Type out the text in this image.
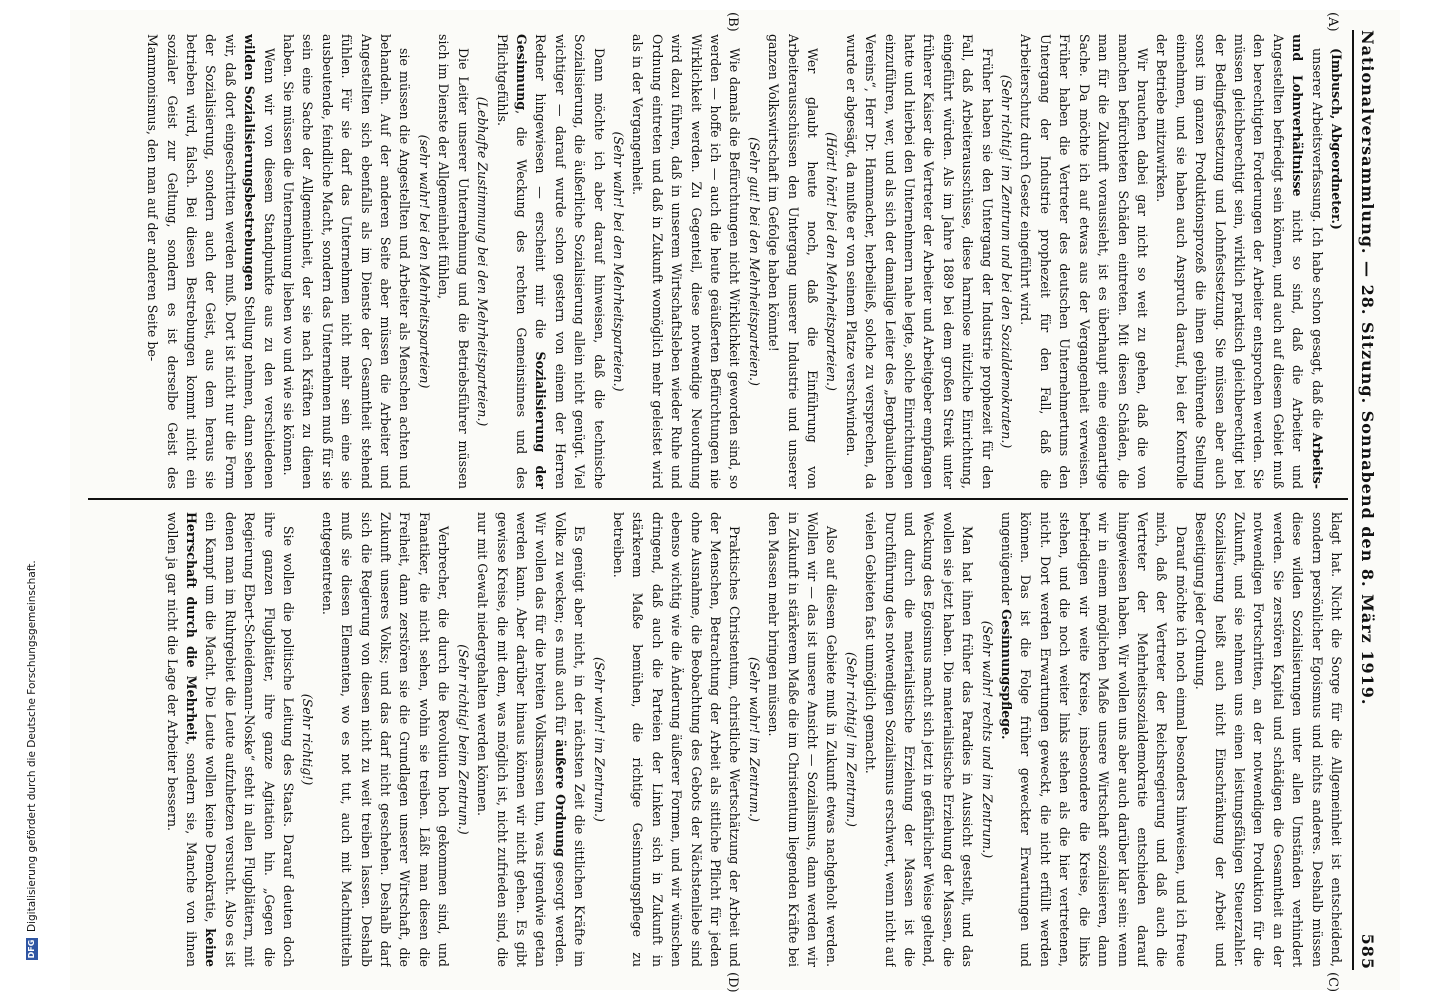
Nationalversammlung. — 28. Sitzung. Sonnabend den 8. März 1919.
585
(A)
(B)
(C)
(D)

(Imbusch, Abgeordneter.)

unserer Arbeitsverfassung. Ich habe schon gesagt, daß die Arbeits- und Lohnverhältnisse nicht so sind, daß die Arbeiter und Angestellten befriedigt sein können, und auch auf diesem Gebiet muß den berechtigten Forderungen der Arbeiter entsprochen werden. Sie müssen gleichberechtigt sein, wirklich praktisch gleichberechtigt bei der Bedingfestsetzung und Lohnfestsetzung. Sie müssen aber auch sonst im ganzen Produktionsprozeß die ihnen gebührende Stellung einnehmen, und sie haben auch Anspruch darauf, bei der Kontrolle der Betriebe mitzuwirken.

Wir brauchen dabei gar nicht so weit zu gehen, daß die von manchen befürchteten Schäden eintreten. Mit diesen Schäden, die man für die Zukunft voraussieht, ist es überhaupt eine eigenartige Sache. Da möchte ich auf etwas aus der Vergangenheit verweisen. Früher haben die Vertreter des deutschen Unternehmertums den Untergang der Industrie prophezeit für den Fall, daß die Arbeiterschutz durch Gesetz eingeführt wird.

(Sehr richtig! im Zentrum und bei den Sozialdemokraten.)

Früher haben sie den Untergang der Industrie prophezeit für den Fall, daß Arbeiterausschüsse, diese harmlose nützliche Einrichtung, eingeführt würden. Als im Jahre 1889 bei dem großen Streik unter früherer Kaiser die Vertreter der Arbeiter und Arbeitgeber empfangen hatte und hierbei den Unternehmern nahe legte, solche Einrichtungen einzuführen, wer, und als sich der damalige Leiter des „Bergbaulichen Vereins“, Herr Dr. Hammacher, herbeiließ, solche zu versprechen, da wurde er abgesägt, da mußte er von seinem Platze verschwinden.

(Hört! hört! bei den Mehrheitsparteien.)

Wer glaubt heute noch, daß die Einführung von Arbeiterausschüssen den Untergang unserer Industrie und unserer ganzen Volkswirtschaft im Gefolge haben könnte!

(Sehr gut! bei den Mehrheitsparteien.)

Wie damals die Befürchtungen nicht Wirklichkeit geworden sind, so werden — hoffe ich — auch die heute geäußerten Befürchtungen nie Wirklichkeit werden. Zu Gegenteil, diese notwendige Neuordnung wird dazu führen, daß in unserem Wirtschaftsleben wieder Ruhe und Ordnung eintreten und daß in Zukunft womöglich mehr geleistet wird als in der Vergangenheit.

(Sehr wahr! bei den Mehrheitsparteien.)

Dann möchte ich aber darauf hinweisen, daß die technische Sozialisierung, die äußerliche Sozialisierung allein nicht genügt. Viel wichtiger — darauf wurde schon gestern von einem der Herren Redner hingewiesen — erscheint mir die Sozialisierung der Gesinnung, die Weckung des rechten Gemeinsinnes und des Pflichtgefühls.

(Lebhafte Zustimmung bei den Mehrheitsparteien.)

Die Leiter unserer Unternehmung und die Betriebsführer müssen sich im Dienste der Allgemeinheit fühlen,

(sehr wahr! bei den Mehrheitsparteien)

sie müssen die Angestellten und Arbeiter als Menschen achten und behandeln. Auf der anderen Seite aber müssen die Arbeiter und Angestellten sich ebenfalls als im Dienste der Gesamtheit stehend fühlen. Für sie darf das Unternehmen nicht mehr sein eine sie ausbeutende, feindliche Macht, sondern das Unternehmen muß für sie sein eine Sache der Allgemeinheit, der sie nach Kräften zu dienen haben. Sie müssen die Unternehmung lieben wo und wie sie können.

Wenn wir von diesem Standpunkte aus zu den verschiedenen wilden Sozialisierungsbestrebungen Stellung nehmen, dann sehen wir, daß dort eingeschritten werden muß. Dort ist nicht nur die Form der Sozialisierung, sondern auch der Geist, aus dem heraus sie betrieben wird, falsch. Bei diesen Bestrebungen kommt nicht ein sozialer Geist zur Geltung, sondern es ist derselbe Geist des Mammonismus, den man auf der anderen Seite be-

klagt hat. Nicht die Sorge für die Allgemeinheit ist entscheidend, sondern persönlicher Egoismus und nichts anderes. Deshalb müssen diese wilden Sozialisierungen unter allen Umständen verhindert werden. Sie zerstören Kapital und schädigen die Gesamtheit an der notwendigen Fortschritten, an der notwendigen Produktion für die Zukunft, und sie nehmen uns einen leistungsfähigen Steuerzahler. Sozialisierung heißt auch nicht Einschränkung der Arbeit und Beseitigung jeder Ordnung.

Darauf möchte ich noch einmal besonders hinweisen, und ich freue mich, daß der Vertreter der Reichsregierung und daß auch die Vertreter der Mehrheitssozialdemokratie entschieden darauf hingewiesen haben. Wir wollen uns aber auch darüber klar sein: wenn wir in einem möglichen Maße unsere Wirtschaft sozialisieren, dann befriedigen wir weite Kreise, insbesondere die Kreise, die links stehen, und die noch weiter links stehen als die hier vertretenen, nicht. Dort werden Erwartungen geweckt, die nicht erfüllt werden können. Das ist die Folge früher geweckter Erwartungen und ungenügender Gesinnungspflege.

(Sehr wahr! rechts und im Zentrum.)

Man hat ihnen früher das Paradies in Aussicht gestellt, und das wollen sie jetzt haben. Die materialistische Erziehung der Massen, die Weckung des Egoismus macht sich jetzt in gefährlicher Weise geltend, und durch die materialistische Erziehung der Massen ist die Durchführung des notwendigen Sozialismus erschwert, wenn nicht auf vielen Gebieten fast unmöglich gemacht.

(Sehr richtig! im Zentrum.)

Also auf diesem Gebiete muß in Zukunft etwas nachgeholt werden. Wollen wir — das ist unsere Ansicht — Sozialismus, dann werden wir in Zukunft in stärkerem Maße die im Christentum liegenden Kräfte bei den Massen mehr bringen müssen.

(Sehr wahr! im Zentrum.)

Praktisches Christentum, christliche Wertschätzung der Arbeit und der Menschen, Betrachtung der Arbeit als sittliche Pflicht für jeden ohne Ausnahme, die Beobachtung des Gebots der Nächstenliebe sind ebenso wichtig wie die Änderung äußerer Formen, und wir wünschen dringend, daß auch die Parteien der Linken sich in Zukunft in stärkerem Maße bemühen, die richtige Gesinnungspflege zu betreiben.

(Sehr wahr! im Zentrum.)

Es genügt aber nicht, in der nächsten Zeit die sittlichen Kräfte im Volke zu wecken; es muß auch für äußere Ordnung gesorgt werden. Wir wollen das für die breiten Volksmassen tun, was irgendwie getan werden kann. Aber darüber hinaus können wir nicht gehen. Es gibt gewisse Kreise, die mit dem, was möglich ist, nicht zufrieden sind, die nur mit Gewalt niedergehalten werden können.

(Sehr richtig! beim Zentrum.)

Verbrecher, die durch die Revolution hoch gekommen sind, und Fanatiker, die nicht sehen, wohin sie treiben. Läßt man diesen die Freiheit, dann zerstören sie die Grundlagen unserer Wirtschaft, die Zukunft unseres Volks; und das darf nicht geschehen. Deshalb darf sich die Regierung von diesen nicht zu weit treiben lassen. Deshalb muß sie diesen Elementen, wo es not tut, auch mit Machtmitteln entgegentreten.

(Sehr richtig!)

Sie wollen die politische Leitung des Staats. Darauf deuten doch ihre ganzen Flugblätter, ihre ganze Agitation hin. „Gegen die Regierung Ebert-Scheidemann-Noske“ steht in allen Flugblättern, mit denen man im Ruhrgebiet die Leute aufzuhetzen versucht. Also es ist ein Kampf um die Macht. Die Leute wollen keine Demokratie, keine Herrschaft durch die Mehrheit, sondern sie, Manche von ihnen wollen ja gar nicht die Lage der Arbeiter bessern.

DFG
Digitalisierung gefördert durch die Deutsche Forschungsgemeinschaft.
